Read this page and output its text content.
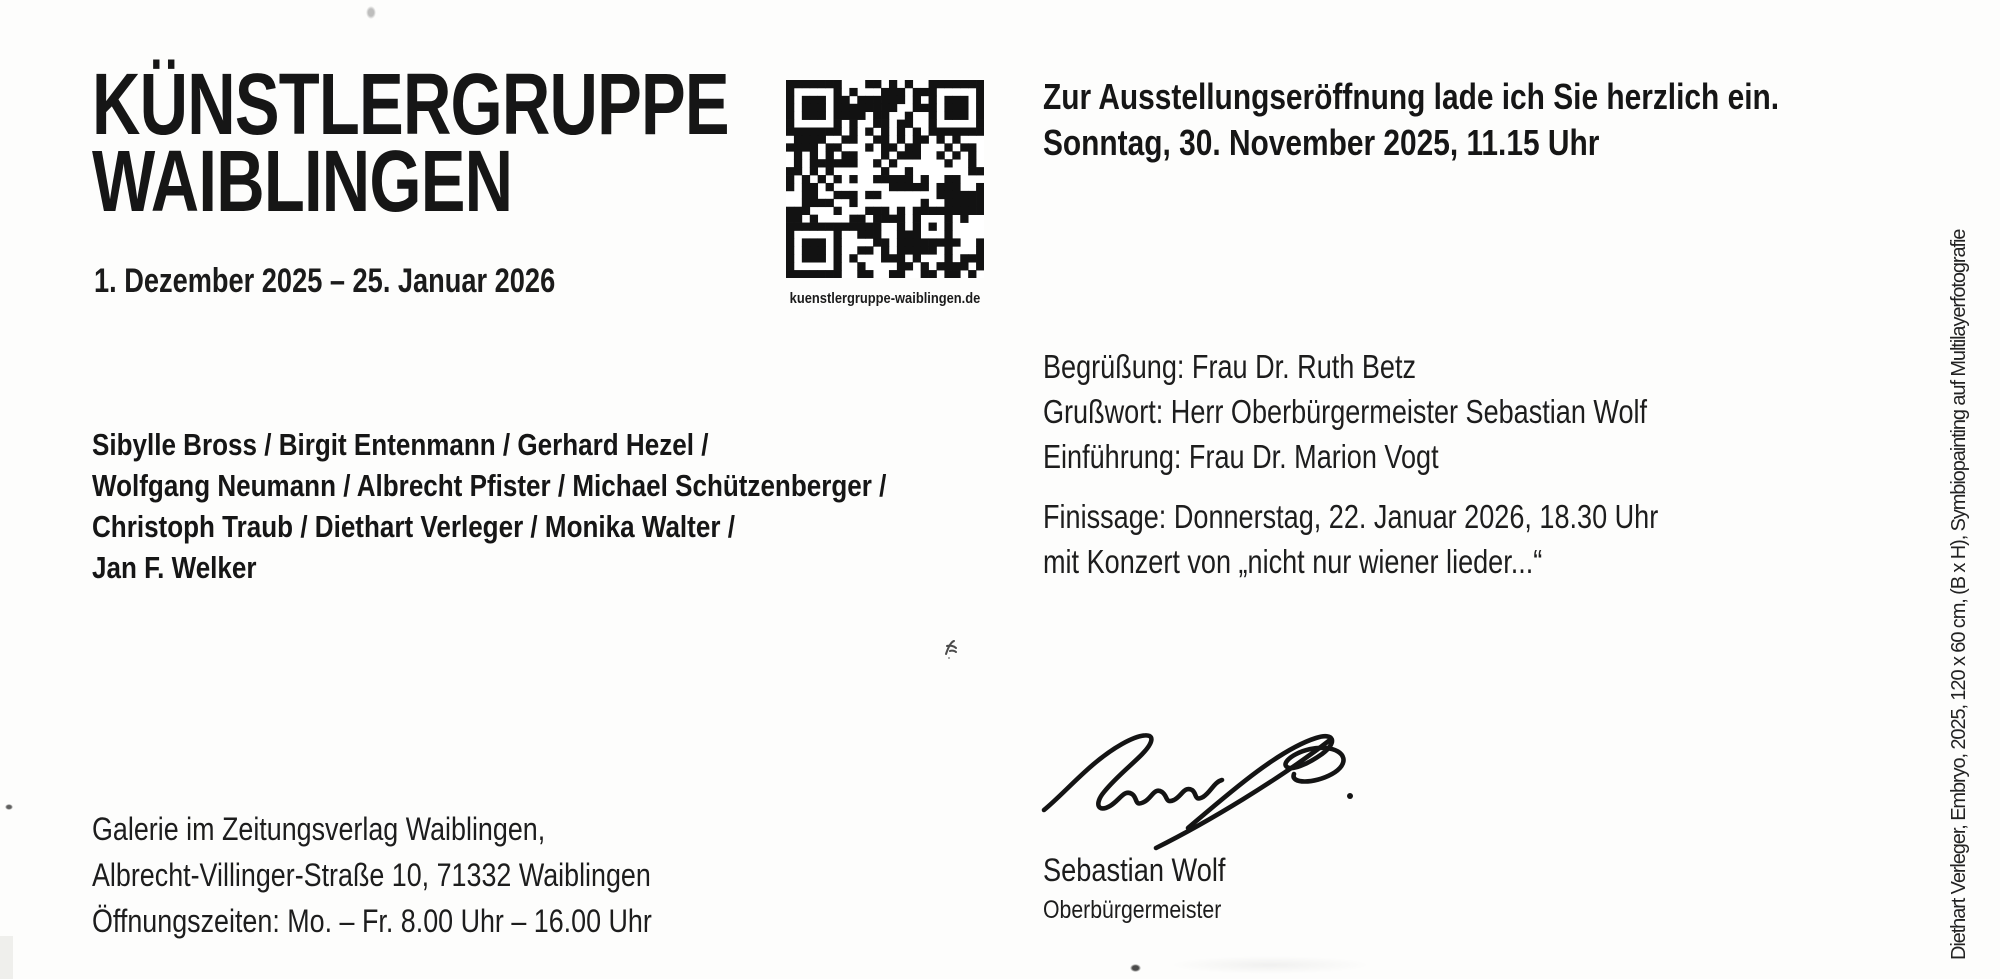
KÜNSTLERGRUPPE
WAIBLINGEN
1. Dezember 2025 – 25. Januar 2026
Sibylle Bross / Birgit Entenmann / Gerhard Hezel /
Wolfgang Neumann / Albrecht Pfister / Michael Schützenberger /
Christoph Traub / Diethart Verleger / Monika Walter /
Jan F. Welker
Galerie im Zeitungsverlag Waiblingen,
Albrecht-Villinger-Straße 10, 71332 Waiblingen
Öffnungszeiten: Mo. – Fr. 8.00 Uhr – 16.00 Uhr
kuenstlergruppe-waiblingen.de
Zur Ausstellungseröffnung lade ich Sie herzlich ein.
Sonntag, 30. November 2025, 11.15 Uhr
Begrüßung: Frau Dr. Ruth Betz
Grußwort: Herr Oberbürgermeister Sebastian Wolf
Einführung: Frau Dr. Marion Vogt
Finissage: Donnerstag, 22. Januar 2026, 18.30 Uhr
mit Konzert von „nicht nur wiener lieder...“
Sebastian Wolf
Oberbürgermeister	Diethart Verleger, Embryo, 2025, 120 x 60 cm, (B x H), Symbiopainting auf Multilayerfotografie
